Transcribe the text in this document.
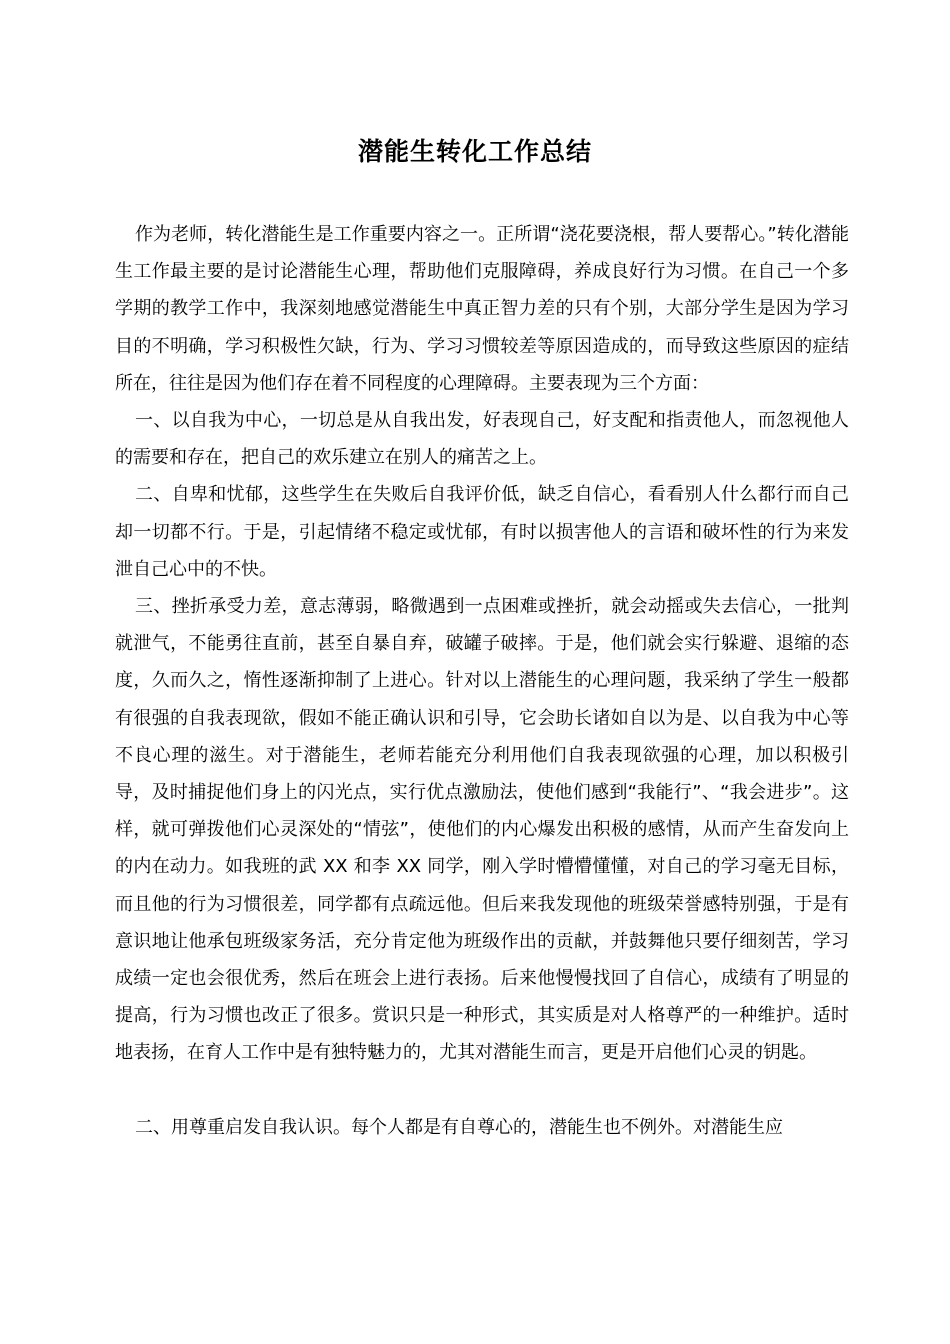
潜能生转化工作总结

作为老师，转化潜能生是工作重要内容之一。正所谓“浇花要浇根，帮人要帮心。”转化潜能生工作最主要的是讨论潜能生心理，帮助他们克服障碍，养成良好行为习惯。在自己一个多学期的教学工作中，我深刻地感觉潜能生中真正智力差的只有个别，大部分学生是因为学习目的不明确，学习积极性欠缺，行为、学习习惯较差等原因造成的，而导致这些原因的症结所在，往往是因为他们存在着不同程度的心理障碍。主要表现为三个方面：

一、以自我为中心，一切总是从自我出发，好表现自己，好支配和指责他人，而忽视他人的需要和存在，把自己的欢乐建立在别人的痛苦之上。

二、自卑和忧郁，这些学生在失败后自我评价低，缺乏自信心，看看别人什么都行而自己却一切都不行。于是，引起情绪不稳定或忧郁，有时以损害他人的言语和破坏性的行为来发泄自己心中的不快。

三、挫折承受力差，意志薄弱，略微遇到一点困难或挫折，就会动摇或失去信心，一批判就泄气，不能勇往直前，甚至自暴自弃，破罐子破摔。于是，他们就会实行躲避、退缩的态度，久而久之，惰性逐渐抑制了上进心。针对以上潜能生的心理问题，我采纳了学生一般都有很强的自我表现欲，假如不能正确认识和引导，它会助长诸如自以为是、以自我为中心等不良心理的滋生。对于潜能生，老师若能充分利用他们自我表现欲强的心理，加以积极引导，及时捕捉他们身上的闪光点，实行优点激励法，使他们感到“我能行”、“我会进步”。这样，就可弹拨他们心灵深处的“情弦”，使他们的内心爆发出积极的感情，从而产生奋发向上的内在动力。如我班的武 XX 和李 XX 同学，刚入学时懵懵懂懂，对自己的学习毫无目标，而且他的行为习惯很差，同学都有点疏远他。但后来我发现他的班级荣誉感特别强，于是有意识地让他承包班级家务活，充分肯定他为班级作出的贡献，并鼓舞他只要仔细刻苦，学习成绩一定也会很优秀，然后在班会上进行表扬。后来他慢慢找回了自信心，成绩有了明显的提高，行为习惯也改正了很多。赏识只是一种形式，其实质是对人格尊严的一种维护。适时地表扬，在育人工作中是有独特魅力的，尤其对潜能生而言，更是开启他们心灵的钥匙。

二、用尊重启发自我认识。每个人都是有自尊心的，潜能生也不例外。对潜能生应
